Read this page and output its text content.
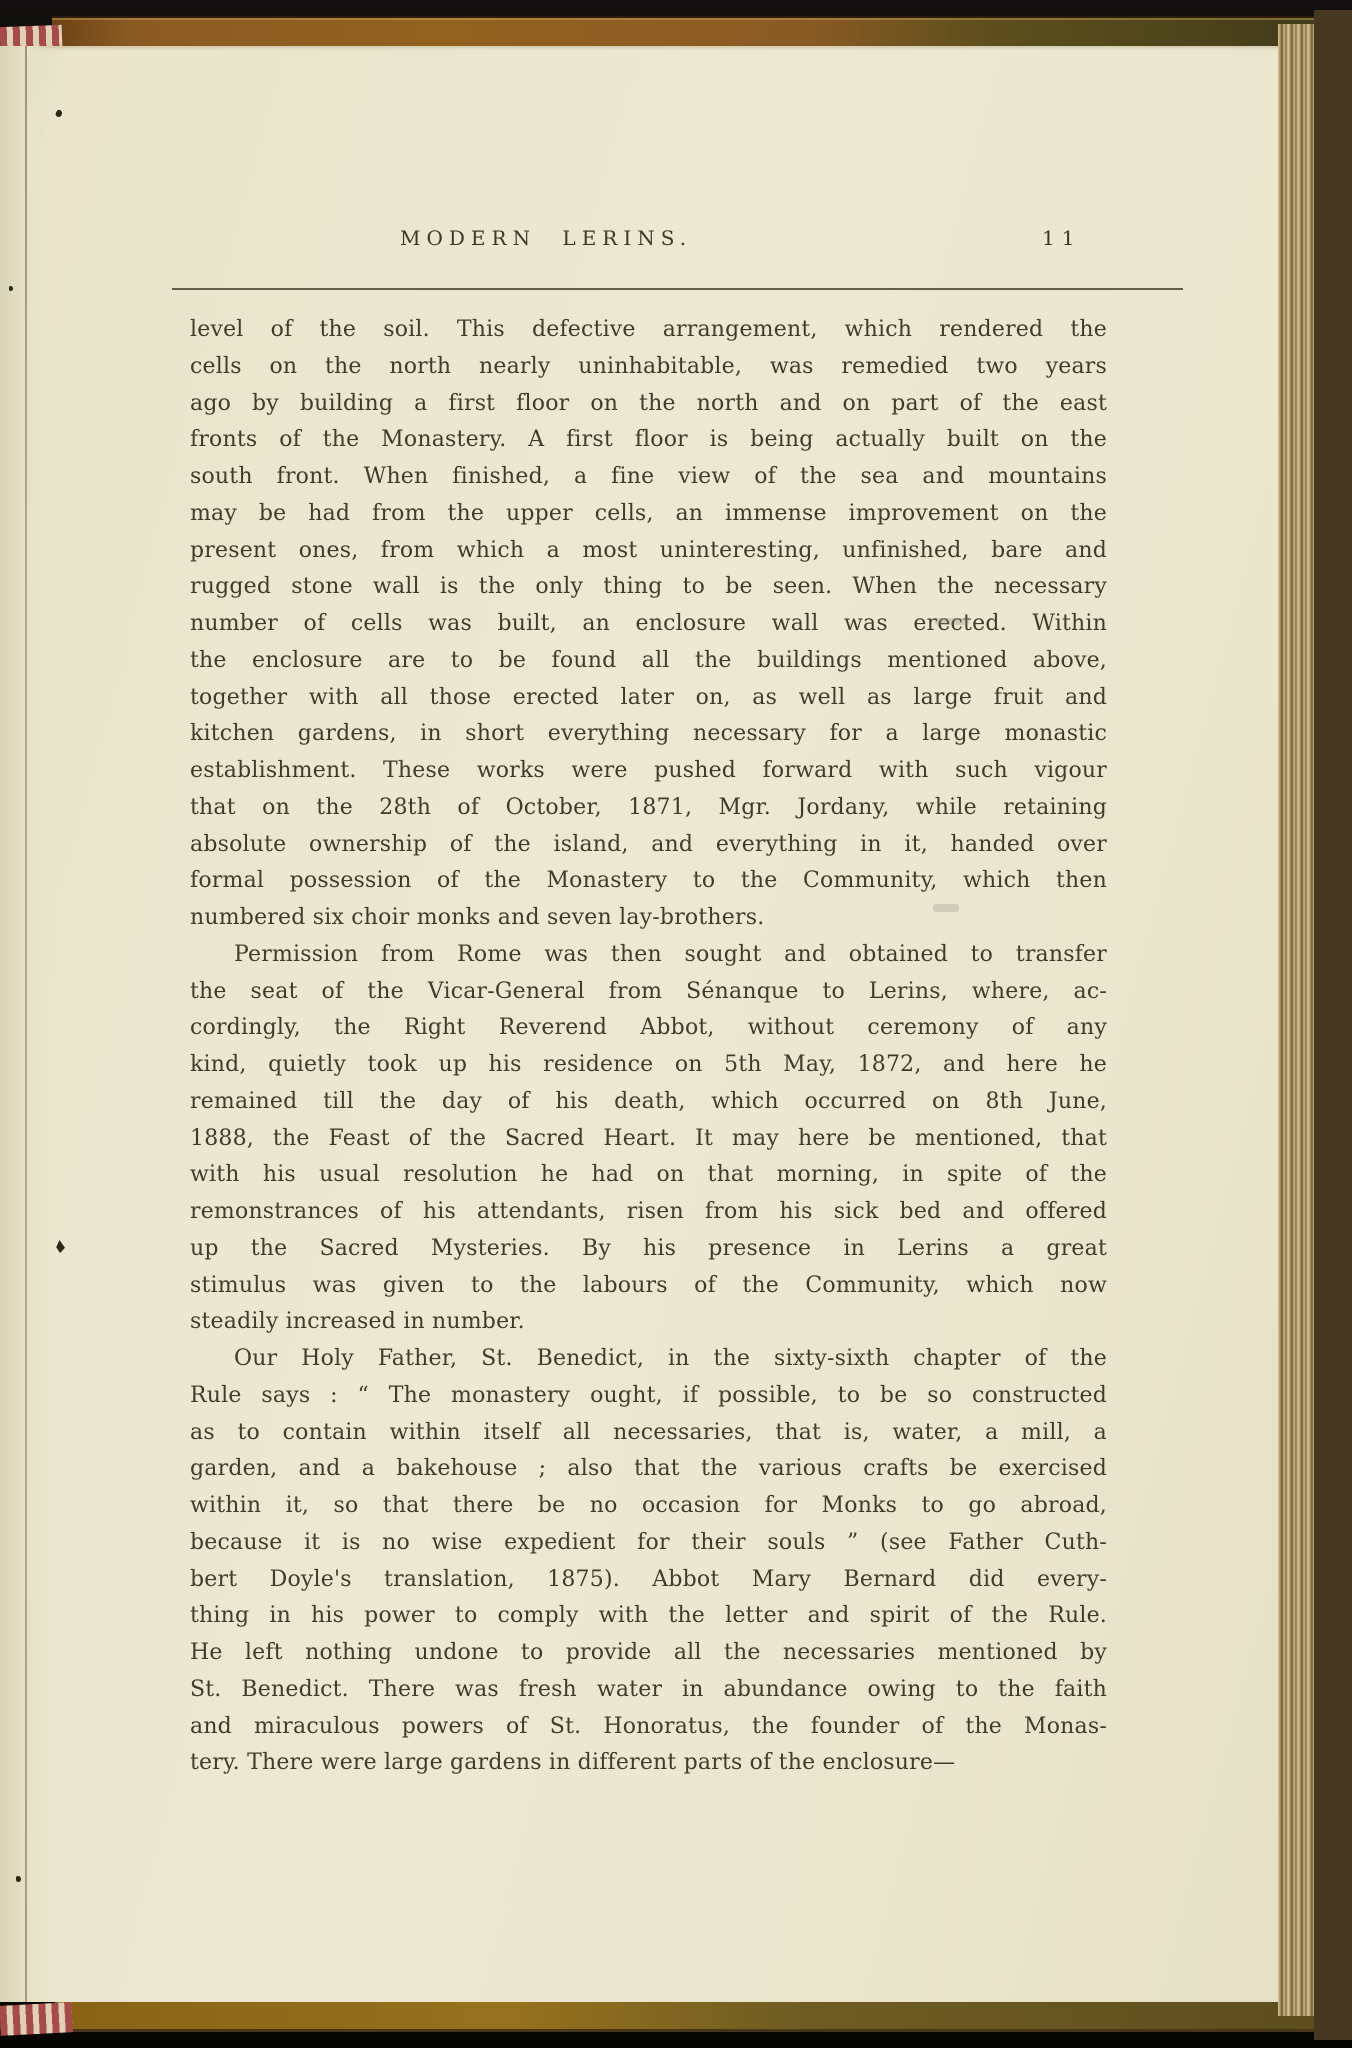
MODERN LERINS.	11
level of the soil. This defective arrangement, which rendered the
cells on the north nearly uninhabitable, was remedied two years
ago by building a first floor on the north and on part of the east
fronts of the Monastery. A first floor is being actually built on the
south front. When finished, a fine view of the sea and mountains
may be had from the upper cells, an immense improvement on the
present ones, from which a most uninteresting, unfinished, bare and
rugged stone wall is the only thing to be seen. When the necessary
number of cells was built, an enclosure wall was erected. Within
the enclosure are to be found all the buildings mentioned above,
together with all those erected later on, as well as large fruit and
kitchen gardens, in short everything necessary for a large monastic
establishment. These works were pushed forward with such vigour
that on the 28th of October, 1871, Mgr. Jordany, while retaining
absolute ownership of the island, and everything in it, handed over
formal possession of the Monastery to the Community, which then
numbered six choir monks and seven lay-brothers.
Permission from Rome was then sought and obtained to transfer
the seat of the Vicar-General from Sénanque to Lerins, where, ac-
cordingly, the Right Reverend Abbot, without ceremony of any
kind, quietly took up his residence on 5th May, 1872, and here he
remained till the day of his death, which occurred on 8th June,
1888, the Feast of the Sacred Heart. It may here be mentioned, that
with his usual resolution he had on that morning, in spite of the
remonstrances of his attendants, risen from his sick bed and offered
up the Sacred Mysteries. By his presence in Lerins a great
stimulus was given to the labours of the Community, which now
steadily increased in number.
Our Holy Father, St. Benedict, in the sixty-sixth chapter of the
Rule says : “ The monastery ought, if possible, to be so constructed
as to contain within itself all necessaries, that is, water, a mill, a
garden, and a bakehouse ; also that the various crafts be exercised
within it, so that there be no occasion for Monks to go abroad,
because it is no wise expedient for their souls ” (see Father Cuth-
bert Doyle's translation, 1875). Abbot Mary Bernard did every-
thing in his power to comply with the letter and spirit of the Rule.
He left nothing undone to provide all the necessaries mentioned by
St. Benedict. There was fresh water in abundance owing to the faith
and miraculous powers of St. Honoratus, the founder of the Monas-
tery. There were large gardens in different parts of the enclosure—
